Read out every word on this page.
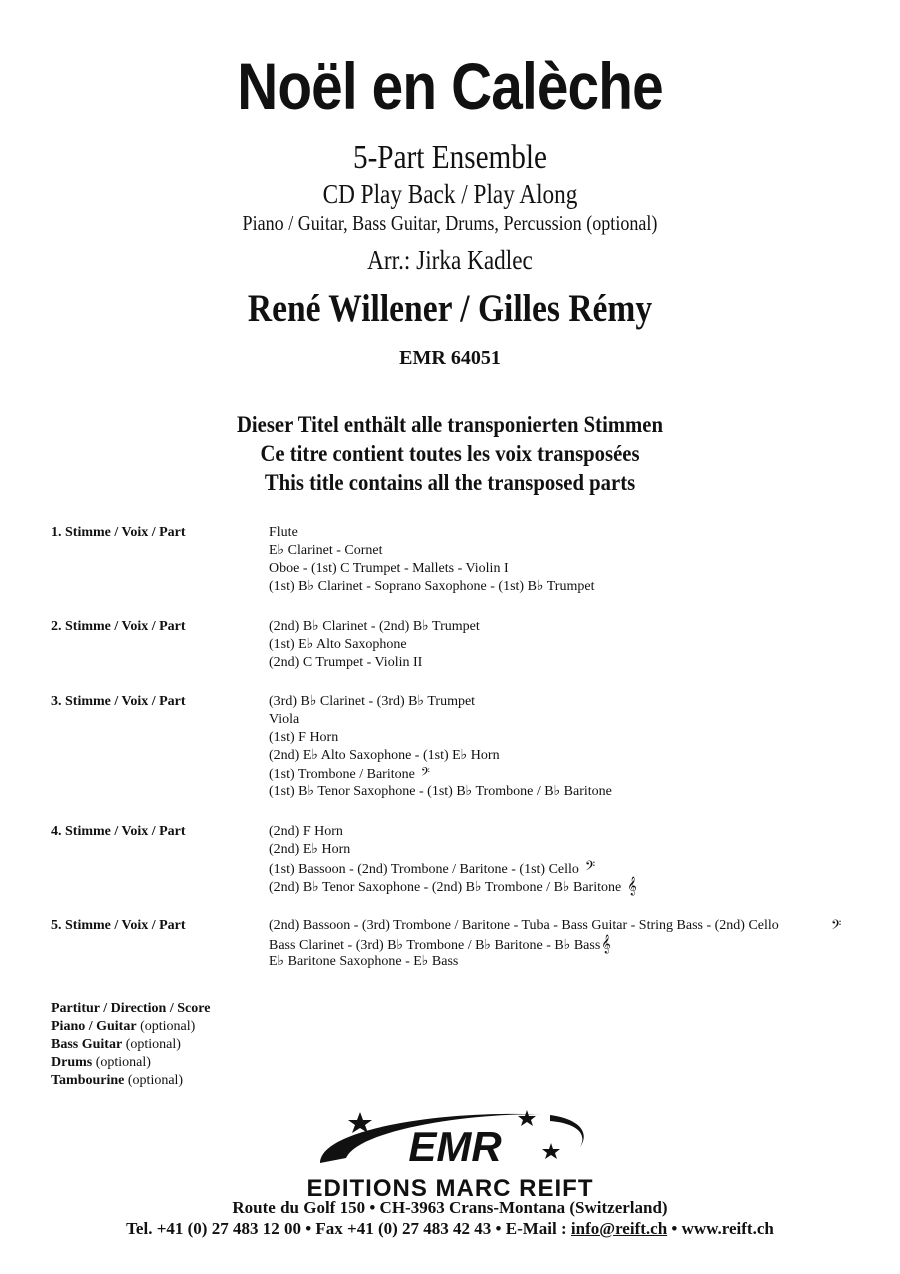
Noël en Calèche
5-Part Ensemble
CD Play Back / Play Along
Piano / Guitar, Bass Guitar, Drums, Percussion (optional)
Arr.: Jirka Kadlec
René Willener / Gilles Rémy
EMR 64051
Dieser Titel enthält alle transponierten Stimmen
Ce titre contient toutes les voix transposées
This title contains all the transposed parts
1. Stimme / Voix / Part	Flute
E♭ Clarinet - Cornet
Oboe - (1st) C Trumpet - Mallets - Violin I
(1st) B♭ Clarinet - Soprano Saxophone - (1st) B♭ Trumpet
2. Stimme / Voix / Part	(2nd) B♭ Clarinet - (2nd) B♭ Trumpet
(1st) E♭ Alto Saxophone
(2nd) C Trumpet - Violin II
3. Stimme / Voix / Part	(3rd) B♭ Clarinet - (3rd) B♭ Trumpet
Viola
(1st) F Horn
(2nd) E♭ Alto Saxophone - (1st) E♭ Horn
(1st) Trombone / Baritone 𝄢
(1st) B♭ Tenor Saxophone - (1st) B♭ Trombone / B♭ Baritone
4. Stimme / Voix / Part	(2nd) F Horn
(2nd) E♭ Horn
(1st) Bassoon - (2nd) Trombone / Baritone - (1st) Cello 𝄢
(2nd) B♭ Tenor Saxophone - (2nd) B♭ Trombone / B♭ Baritone 𝄞
5. Stimme / Voix / Part	(2nd) Bassoon - (3rd) Trombone / Baritone - Tuba - Bass Guitar - String Bass - (2nd) Cello
Bass Clarinet - (3rd) B♭ Trombone / B♭ Baritone - B♭ Bass𝄞
E♭ Baritone Saxophone - E♭ Bass
𝄢
Partitur / Direction / Score
Piano / Guitar (optional)
Bass Guitar (optional)
Drums (optional)
Tambourine (optional)
EMR
EDITIONS MARC REIFT
Route du Golf 150 • CH-3963 Crans-Montana (Switzerland)
Tel. +41 (0) 27 483 12 00 • Fax +41 (0) 27 483 42 43 • E-Mail : info@reift.ch • www.reift.ch
